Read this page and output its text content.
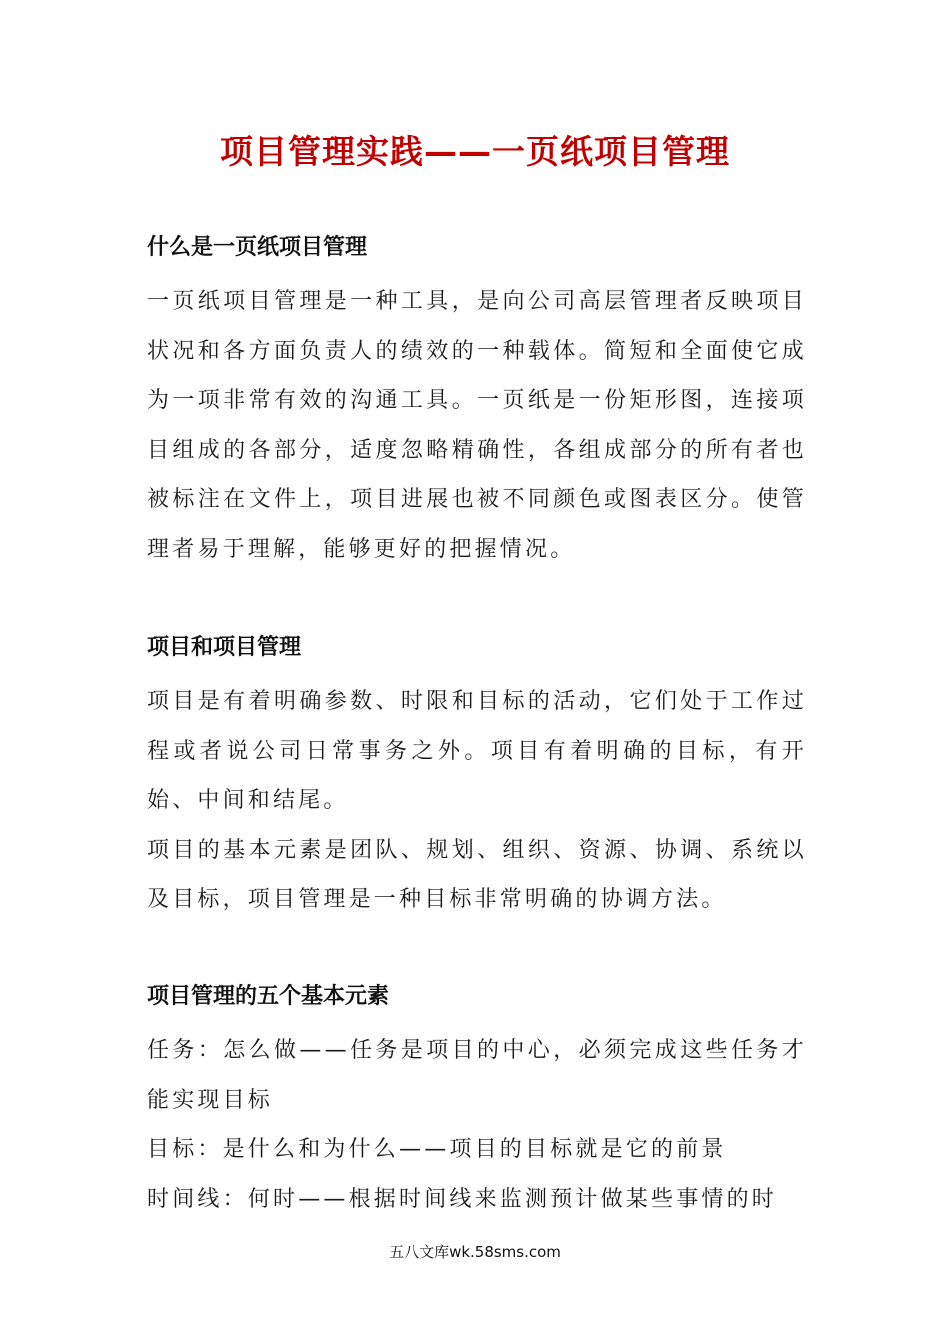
项目管理实践——一页纸项目管理
什么是一页纸项目管理

一页纸项目管理是一种工具，是向公司高层管理者反映项目状况和各方面负责人的绩效的一种载体。简短和全面使它成为一项非常有效的沟通工具。一页纸是一份矩形图，连接项目组成的各部分，适度忽略精确性，各组成部分的所有者也被标注在文件上，项目进展也被不同颜色或图表区分。使管理者易于理解，能够更好的把握情况。

项目和项目管理

项目是有着明确参数、时限和目标的活动，它们处于工作过程或者说公司日常事务之外。项目有着明确的目标，有开始、中间和结尾。

项目的基本元素是团队、规划、组织、资源、协调、系统以及目标，项目管理是一种目标非常明确的协调方法。

项目管理的五个基本元素

任务：怎么做——任务是项目的中心，必须完成这些任务才能实现目标

目标：是什么和为什么——项目的目标就是它的前景

时间线：何时——根据时间线来监测预计做某些事情的时

五八文库wk.58sms.com
